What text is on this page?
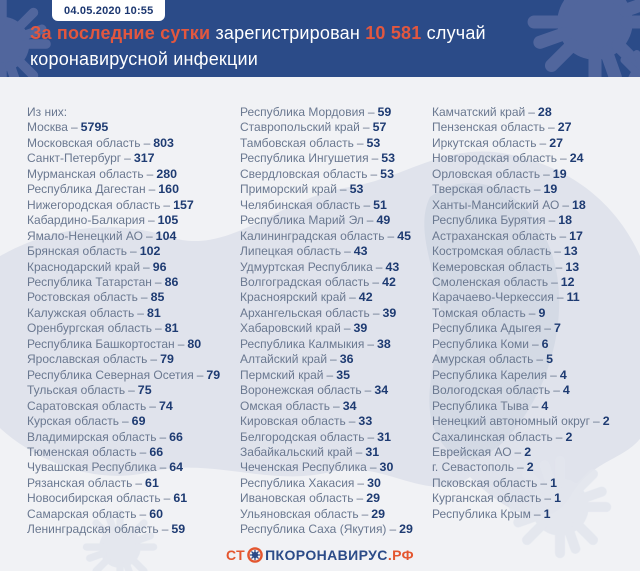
04.05.2020 10:55
За последние сутки зарегистрирован 10 581 случай
коронавирусной инфекции
Из них:
Москва – 5795
Московская область – 803
Санкт-Петербург – 317
Мурманская область – 280
Республика Дагестан – 160
Нижегородская область – 157
Кабардино-Балкария – 105
Ямало-Ненецкий АО – 104
Брянская область – 102
Краснодарский край – 96
Республика Татарстан – 86
Ростовская область – 85
Калужская область – 81
Оренбургская область – 81
Республика Башкортостан – 80
Ярославская область – 79
Республика Северная Осетия – 79
Тульская область – 75
Саратовская область – 74
Курская область – 69
Владимирская область – 66
Тюменская область – 66
Чувашская Республика – 64
Рязанская область – 61
Новосибирская область – 61
Самарская область – 60
Ленинградская область – 59
Республика Мордовия – 59
Ставропольский край – 57
Тамбовская область – 53
Республика Ингушетия – 53
Свердловская область – 53
Приморский край – 53
Челябинская область – 51
Республика Марий Эл – 49
Калининградская область – 45
Липецкая область – 43
Удмуртская Республика – 43
Волгоградская область – 42
Красноярский край – 42
Архангельская область – 39
Хабаровский край – 39
Республика Калмыкия – 38
Алтайский край – 36
Пермский край – 35
Воронежская область – 34
Омская область – 34
Кировская область – 33
Белгородская область – 31
Забайкальский край – 31
Чеченская Республика – 30
Республика Хакасия – 30
Ивановская область – 29
Ульяновская область – 29
Республика Саха (Якутия) – 29
Камчатский край – 28
Пензенская область – 27
Иркутская область – 27
Новгородская область – 24
Орловская область – 19
Тверская область – 19
Ханты-Мансийский АО – 18
Республика Бурятия – 18
Астраханская область – 17
Костромская область – 13
Кемеровская область – 13
Смоленская область – 12
Карачаево-Черкессия – 11
Томская область – 9
Республика Адыгея – 7
Республика Коми – 6
Амурская область – 5
Республика Карелия – 4
Вологодская область – 4
Республика Тыва – 4
Ненецкий автономный округ – 2
Сахалинская область – 2
Еврейская АО – 2
г. Севастополь – 2
Псковская область – 1
Курганская область – 1
Республика Крым – 1
СТ ПКОРОНАВИРУС .РФ
